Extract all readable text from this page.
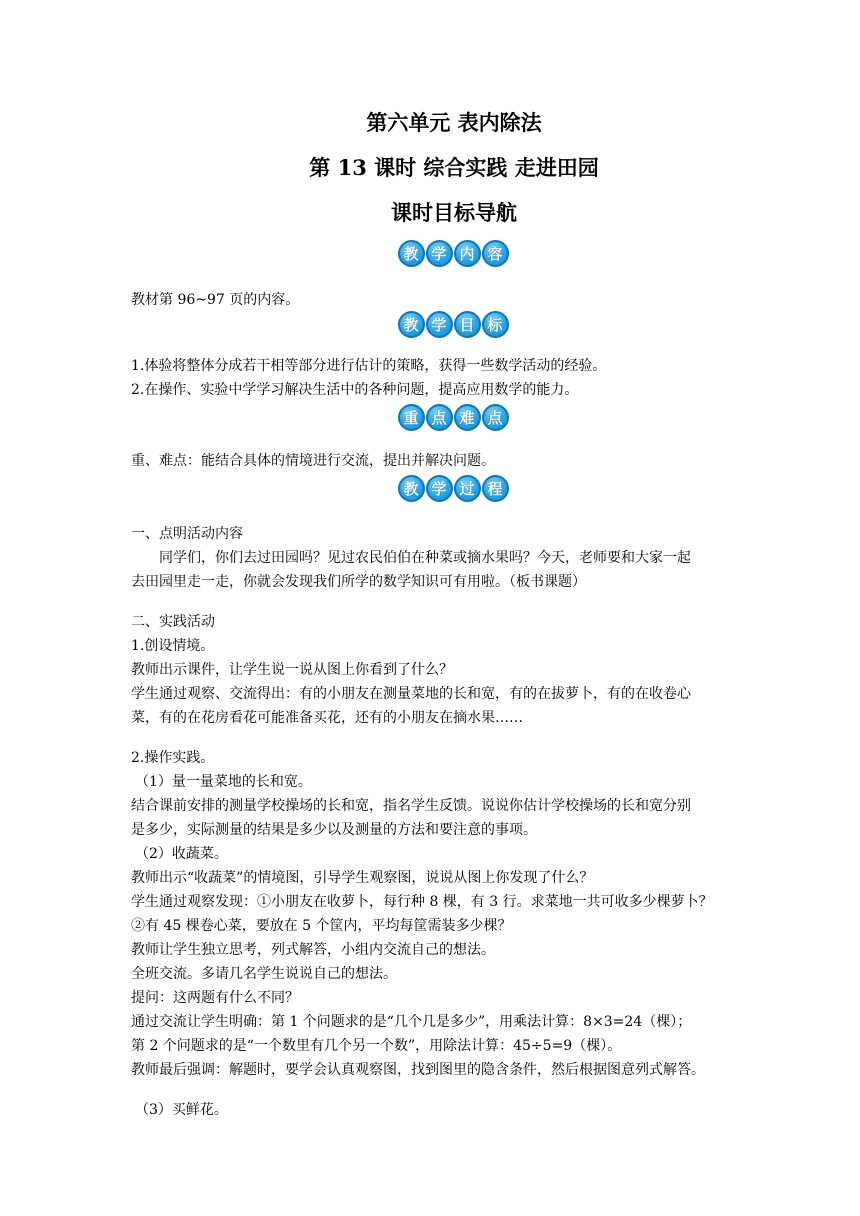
第六单元 表内除法
第 13 课时 综合实践 走进田园
课时目标导航
教 学 内 容
教材第 96~97 页的内容。
教 学 目 标
1.体验将整体分成若干相等部分进行估计的策略，获得一些数学活动的经验。
2.在操作、实验中学学习解决生活中的各种问题，提高应用数学的能力。
重 点 难 点
重、难点：能结合具体的情境进行交流，提出并解决问题。
教 学 过 程
一、点明活动内容
同学们，你们去过田园吗？见过农民伯伯在种菜或摘水果吗？今天，老师要和大家一起
去田园里走一走，你就会发现我们所学的数学知识可有用啦。（板书课题）
二、实践活动
1.创设情境。
教师出示课件，让学生说一说从图上你看到了什么？
学生通过观察、交流得出：有的小朋友在测量菜地的长和宽，有的在拔萝卜，有的在收卷心
菜，有的在花房看花可能准备买花，还有的小朋友在摘水果……
2.操作实践。
（1）量一量菜地的长和宽。
结合课前安排的测量学校操场的长和宽，指名学生反馈。说说你估计学校操场的长和宽分别
是多少，实际测量的结果是多少以及测量的方法和要注意的事项。
（2）收蔬菜。
教师出示“收蔬菜”的情境图，引导学生观察图，说说从图上你发现了什么？
学生通过观察发现：①小朋友在收萝卜，每行种 8 棵，有 3 行。求菜地一共可收多少棵萝卜？
②有 45 棵卷心菜，要放在 5 个筐内，平均每筐需装多少棵？
教师让学生独立思考，列式解答，小组内交流自己的想法。
全班交流。多请几名学生说说自己的想法。
提问：这两题有什么不同？
通过交流让学生明确：第 1 个问题求的是“几个几是多少”，用乘法计算：8×3=24（棵）；
第 2 个问题求的是“一个数里有几个另一个数”，用除法计算：45÷5=9（棵）。
教师最后强调：解题时，要学会认真观察图，找到图里的隐含条件，然后根据图意列式解答。
（3）买鲜花。
